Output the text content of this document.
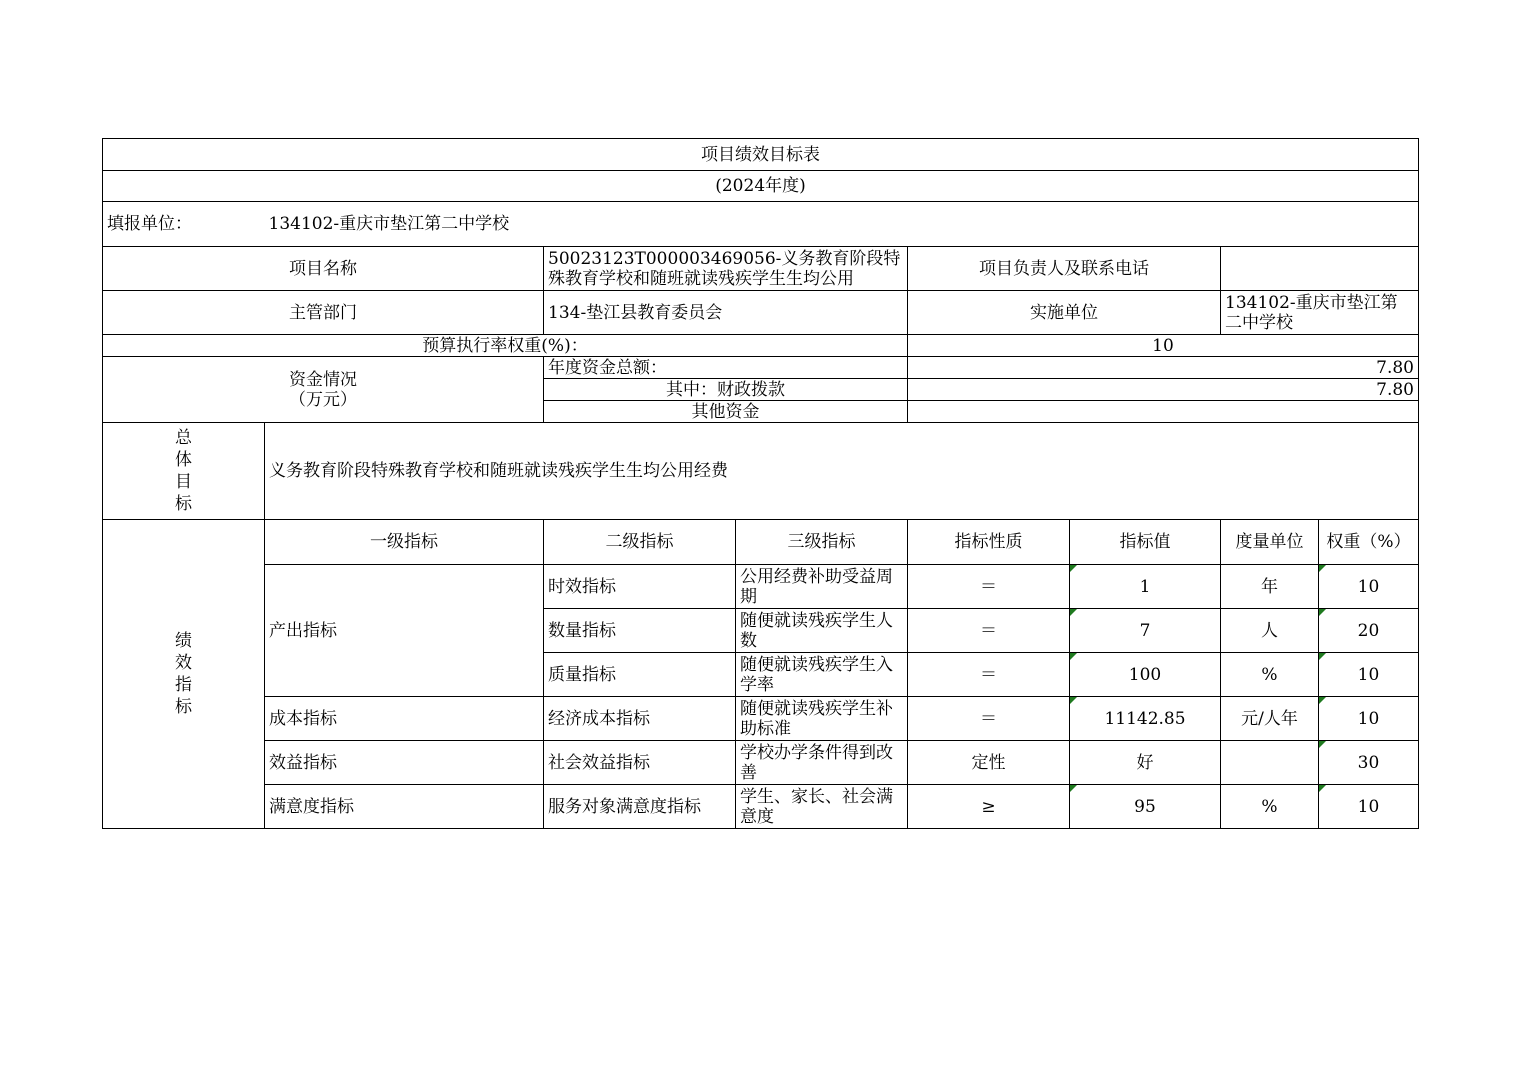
项目绩效目标表							
(2024年度)							
填报单位：	134102-重庆市垫江第二中学校						
项目名称		50023123T000003469056-义务教育阶段特殊教育学校和随班就读残疾学生生均公用		项目负责人及联系电话			
主管部门		134-垫江县教育委员会		实施单位		134102-重庆市垫江第二中学校	
预算执行率权重(%)：				10			

资金情况
（万元）		年度资金总额：		7.80			
		其中：财政拨款		7.80			
		其他资金					
总
体
目
标	义务教育阶段特殊教育学校和随班就读残疾学生生均公用经费						
绩
效
指
标	一级指标	二级指标	三级指标	指标性质	指标值	度量单位	权重（%）
	产出指标	时效指标	公用经费补助受益周期	＝	1	年	10
		数量指标	随便就读残疾学生人数	＝	7	人	20
		质量指标	随便就读残疾学生入学率	＝	100	%	10
	成本指标	经济成本指标	随便就读残疾学生补助标准	＝	11142.85	元/人年	10
	效益指标	社会效益指标	学校办学条件得到改善	定性	好		30
	满意度指标	服务对象满意度指标	学生、家长、社会满意度	≥	95	%	10
